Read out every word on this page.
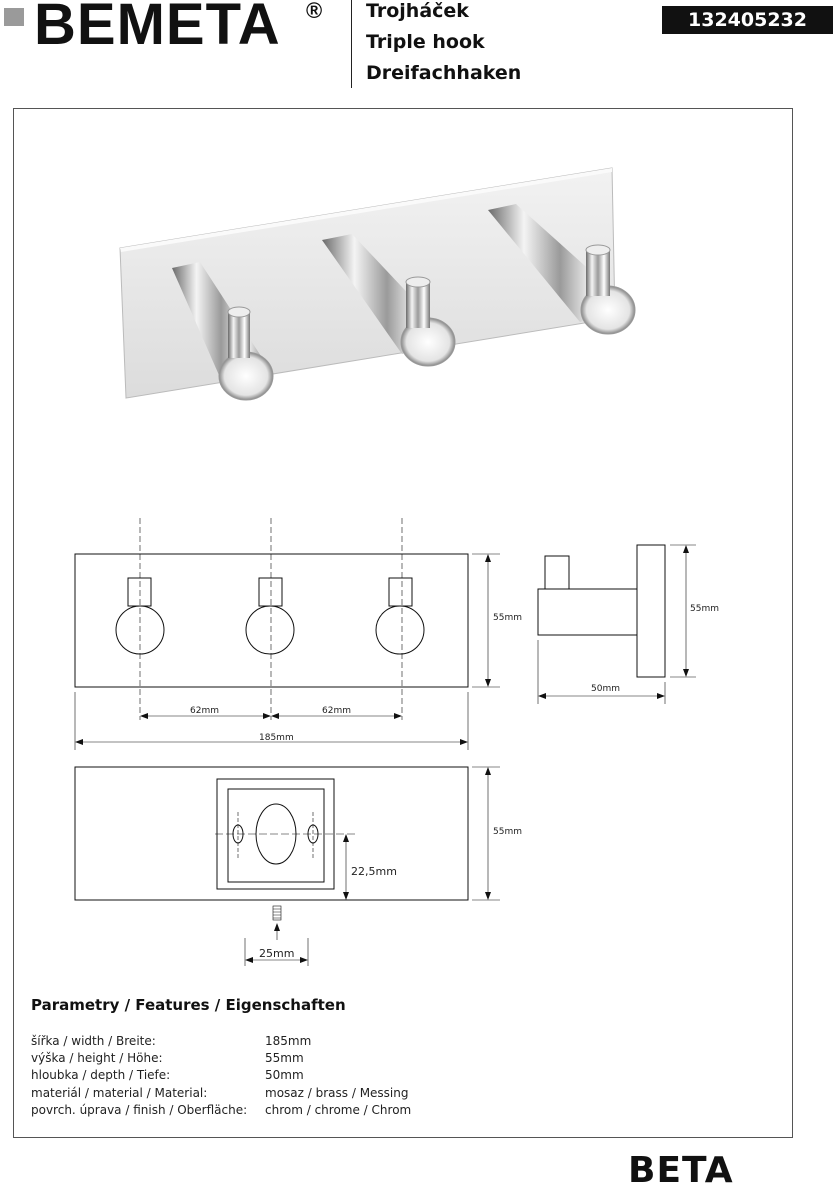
BEMETA ® Trojháček
Triple hook
Dreifachhaken
132405232
55mm
62mm	62mm
185mm
55mm
50mm
55mm
22,5mm
25mm
Parametry / Features / Eigenschaften
šířka / width / Breite:	185mm
výška / height / Höhe:	55mm
hloubka / depth / Tiefe:	50mm
materiál / material / Material:	mosaz / brass / Messing
povrch. úprava / finish / Oberfläche: chrom / chrome / Chrom
BETA
